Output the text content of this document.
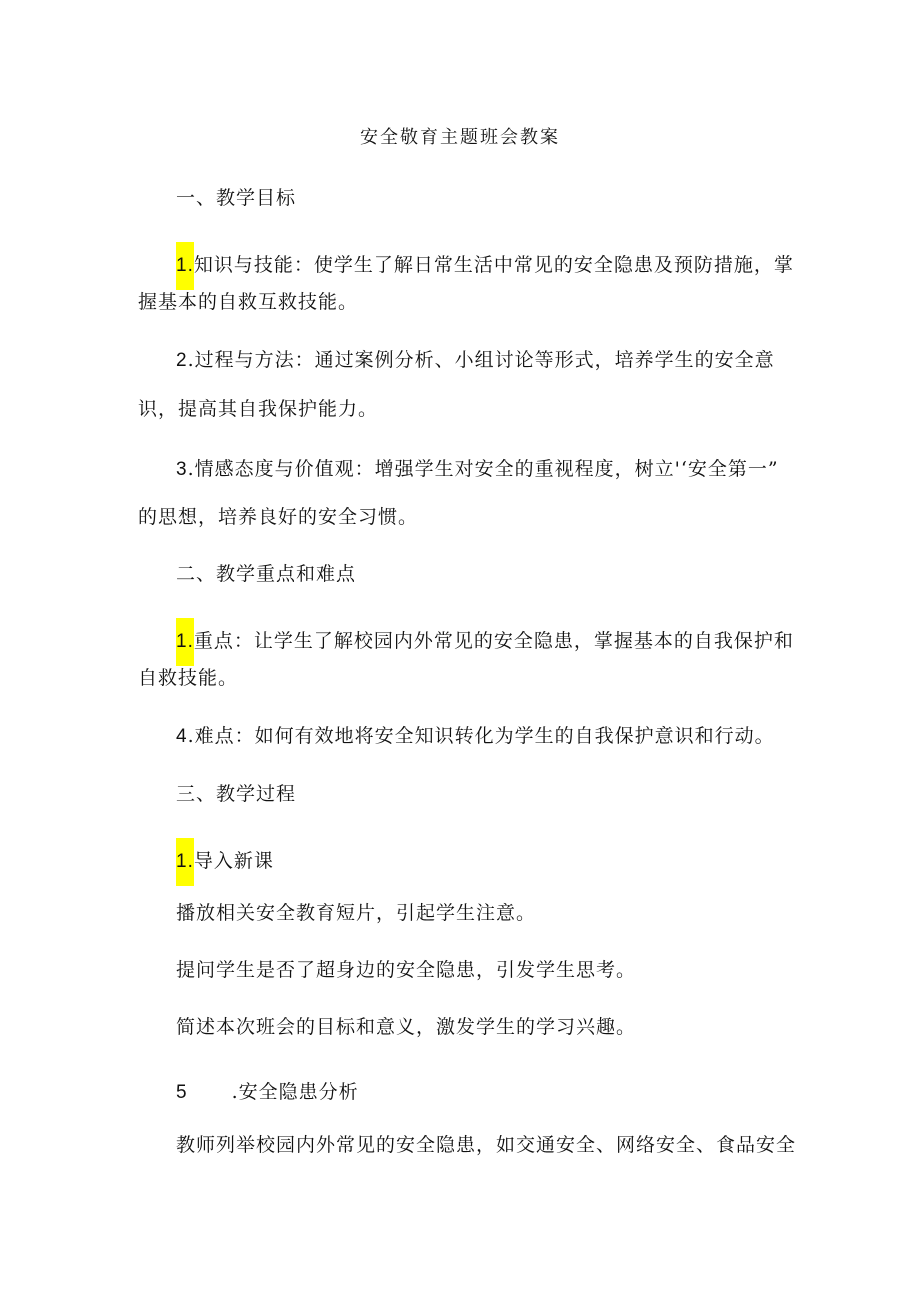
安全敬育主题班会教案
一、教学目标
1.知识与技能：使学生了解日常生活中常见的安全隐患及预防措施，掌
握基本的自救互救技能。
2.过程与方法：通过案例分析、小组讨论等形式，培养学生的安全意
识，提高其自我保护能力。
3.情感态度与价值观：增强学生对安全的重视程度，树立'‘安全第一”
的思想，培养良好的安全习惯。
二、教学重点和难点
1.重点：让学生了解校园内外常见的安全隐患，掌握基本的自我保护和
自救技能。
4.难点：如何有效地将安全知识转化为学生的自我保护意识和行动。
三、教学过程
1.导入新课
播放相关安全教育短片，引起学生注意。
提问学生是否了超身边的安全隐患，引发学生思考。
简述本次班会的目标和意义，激发学生的学习兴趣。
5 .安全隐患分析
教师列举校园内外常见的安全隐患，如交通安全、网络安全、食品安全
